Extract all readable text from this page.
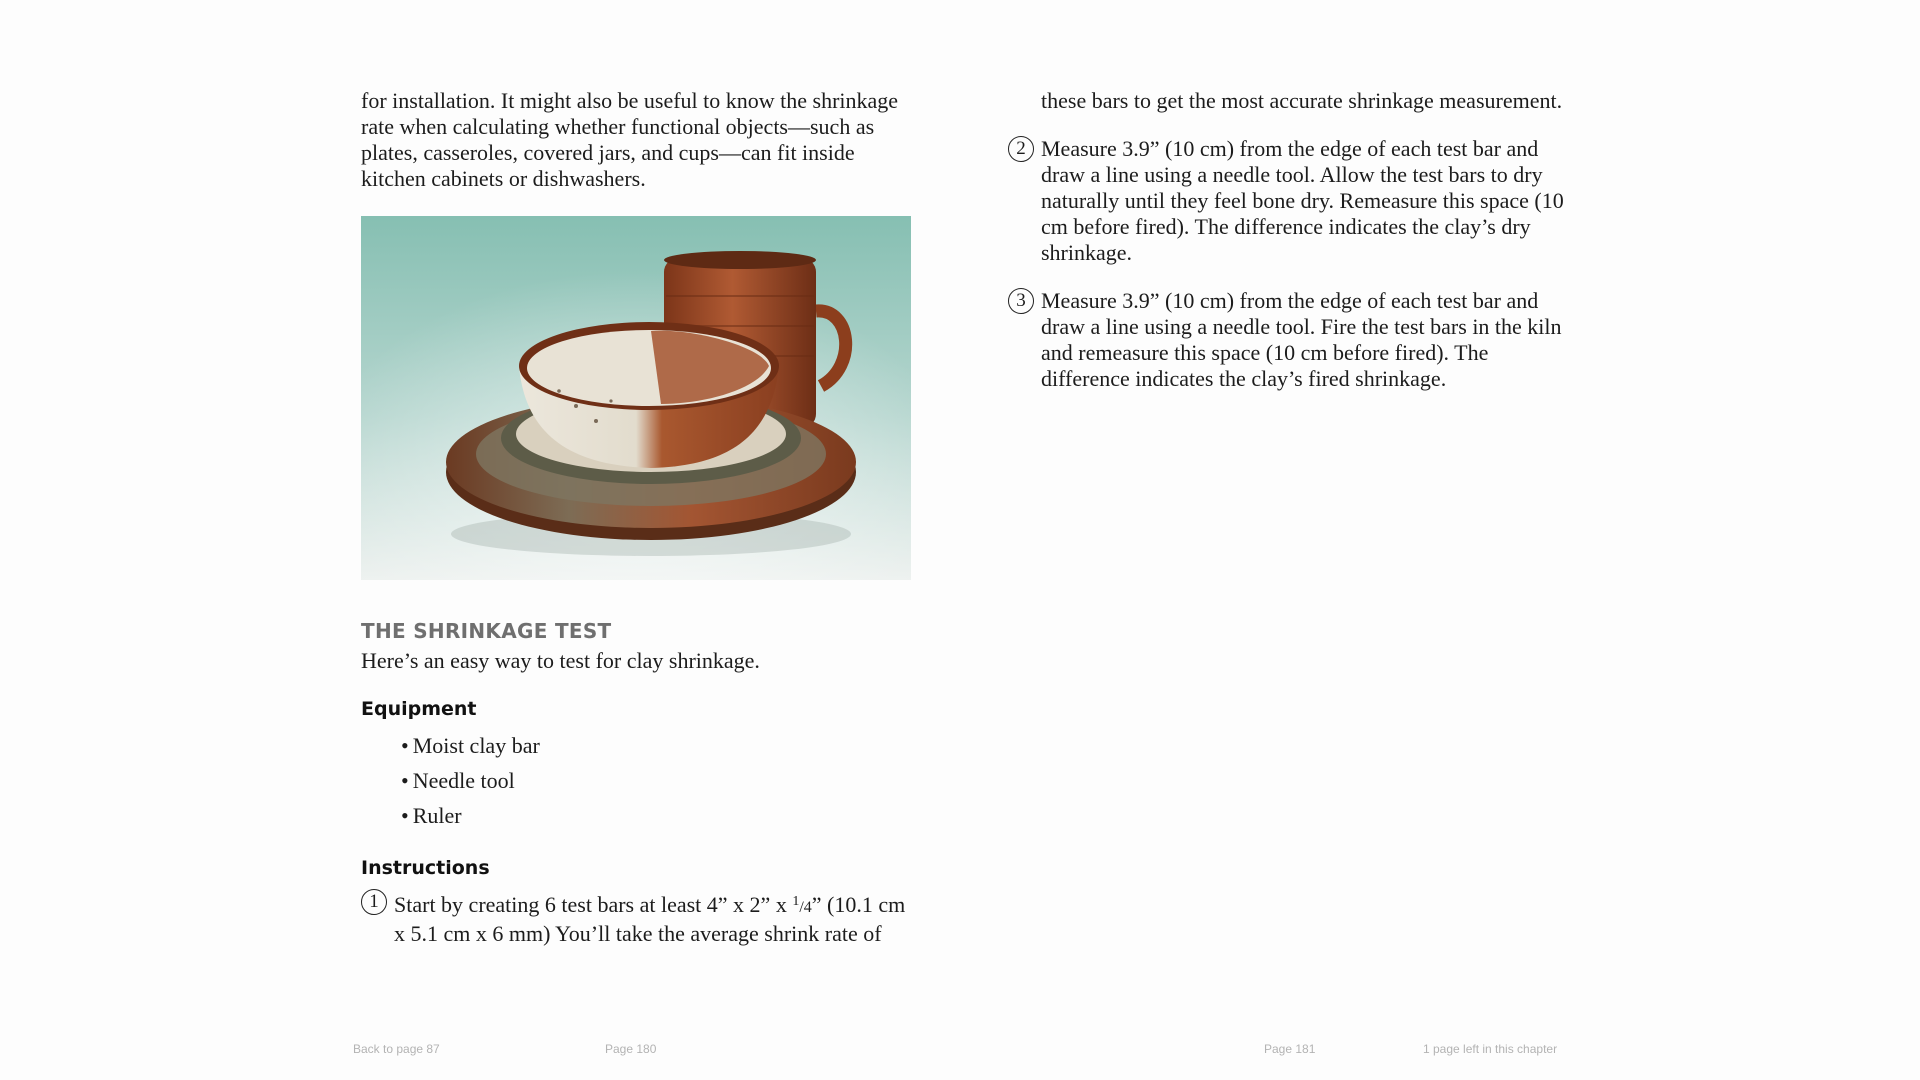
for installation. It might also be useful to know the shrinkage rate when calculating whether functional objects—such as plates, casseroles, covered jars, and cups—can fit inside kitchen cabinets or dishwashers.

THE SHRINKAGE TEST

Here’s an easy way to test for clay shrinkage.

Equipment
• Moist clay bar
• Needle tool
• Ruler
Instructions

1 Start by creating 6 test bars at least 4” x 2” x $^1$/4” (10.1 cm x 5.1 cm x 6 mm) You’ll take the average shrink rate of

these bars to get the most accurate shrinkage measurement.

2 Measure 3.9” (10 cm) from the edge of each test bar and draw a line using a needle tool. Allow the test bars to dry naturally until they feel bone dry. Remeasure this space (10 cm before fired). The difference indicates the clay’s dry shrinkage.

3 Measure 3.9” (10 cm) from the edge of each test bar and draw a line using a needle tool. Fire the test bars in the kiln and remeasure this space (10 cm before fired). The difference indicates the clay’s fired shrinkage.

Back to page 87	Page 180	Page 181	1 page left in this chapter
